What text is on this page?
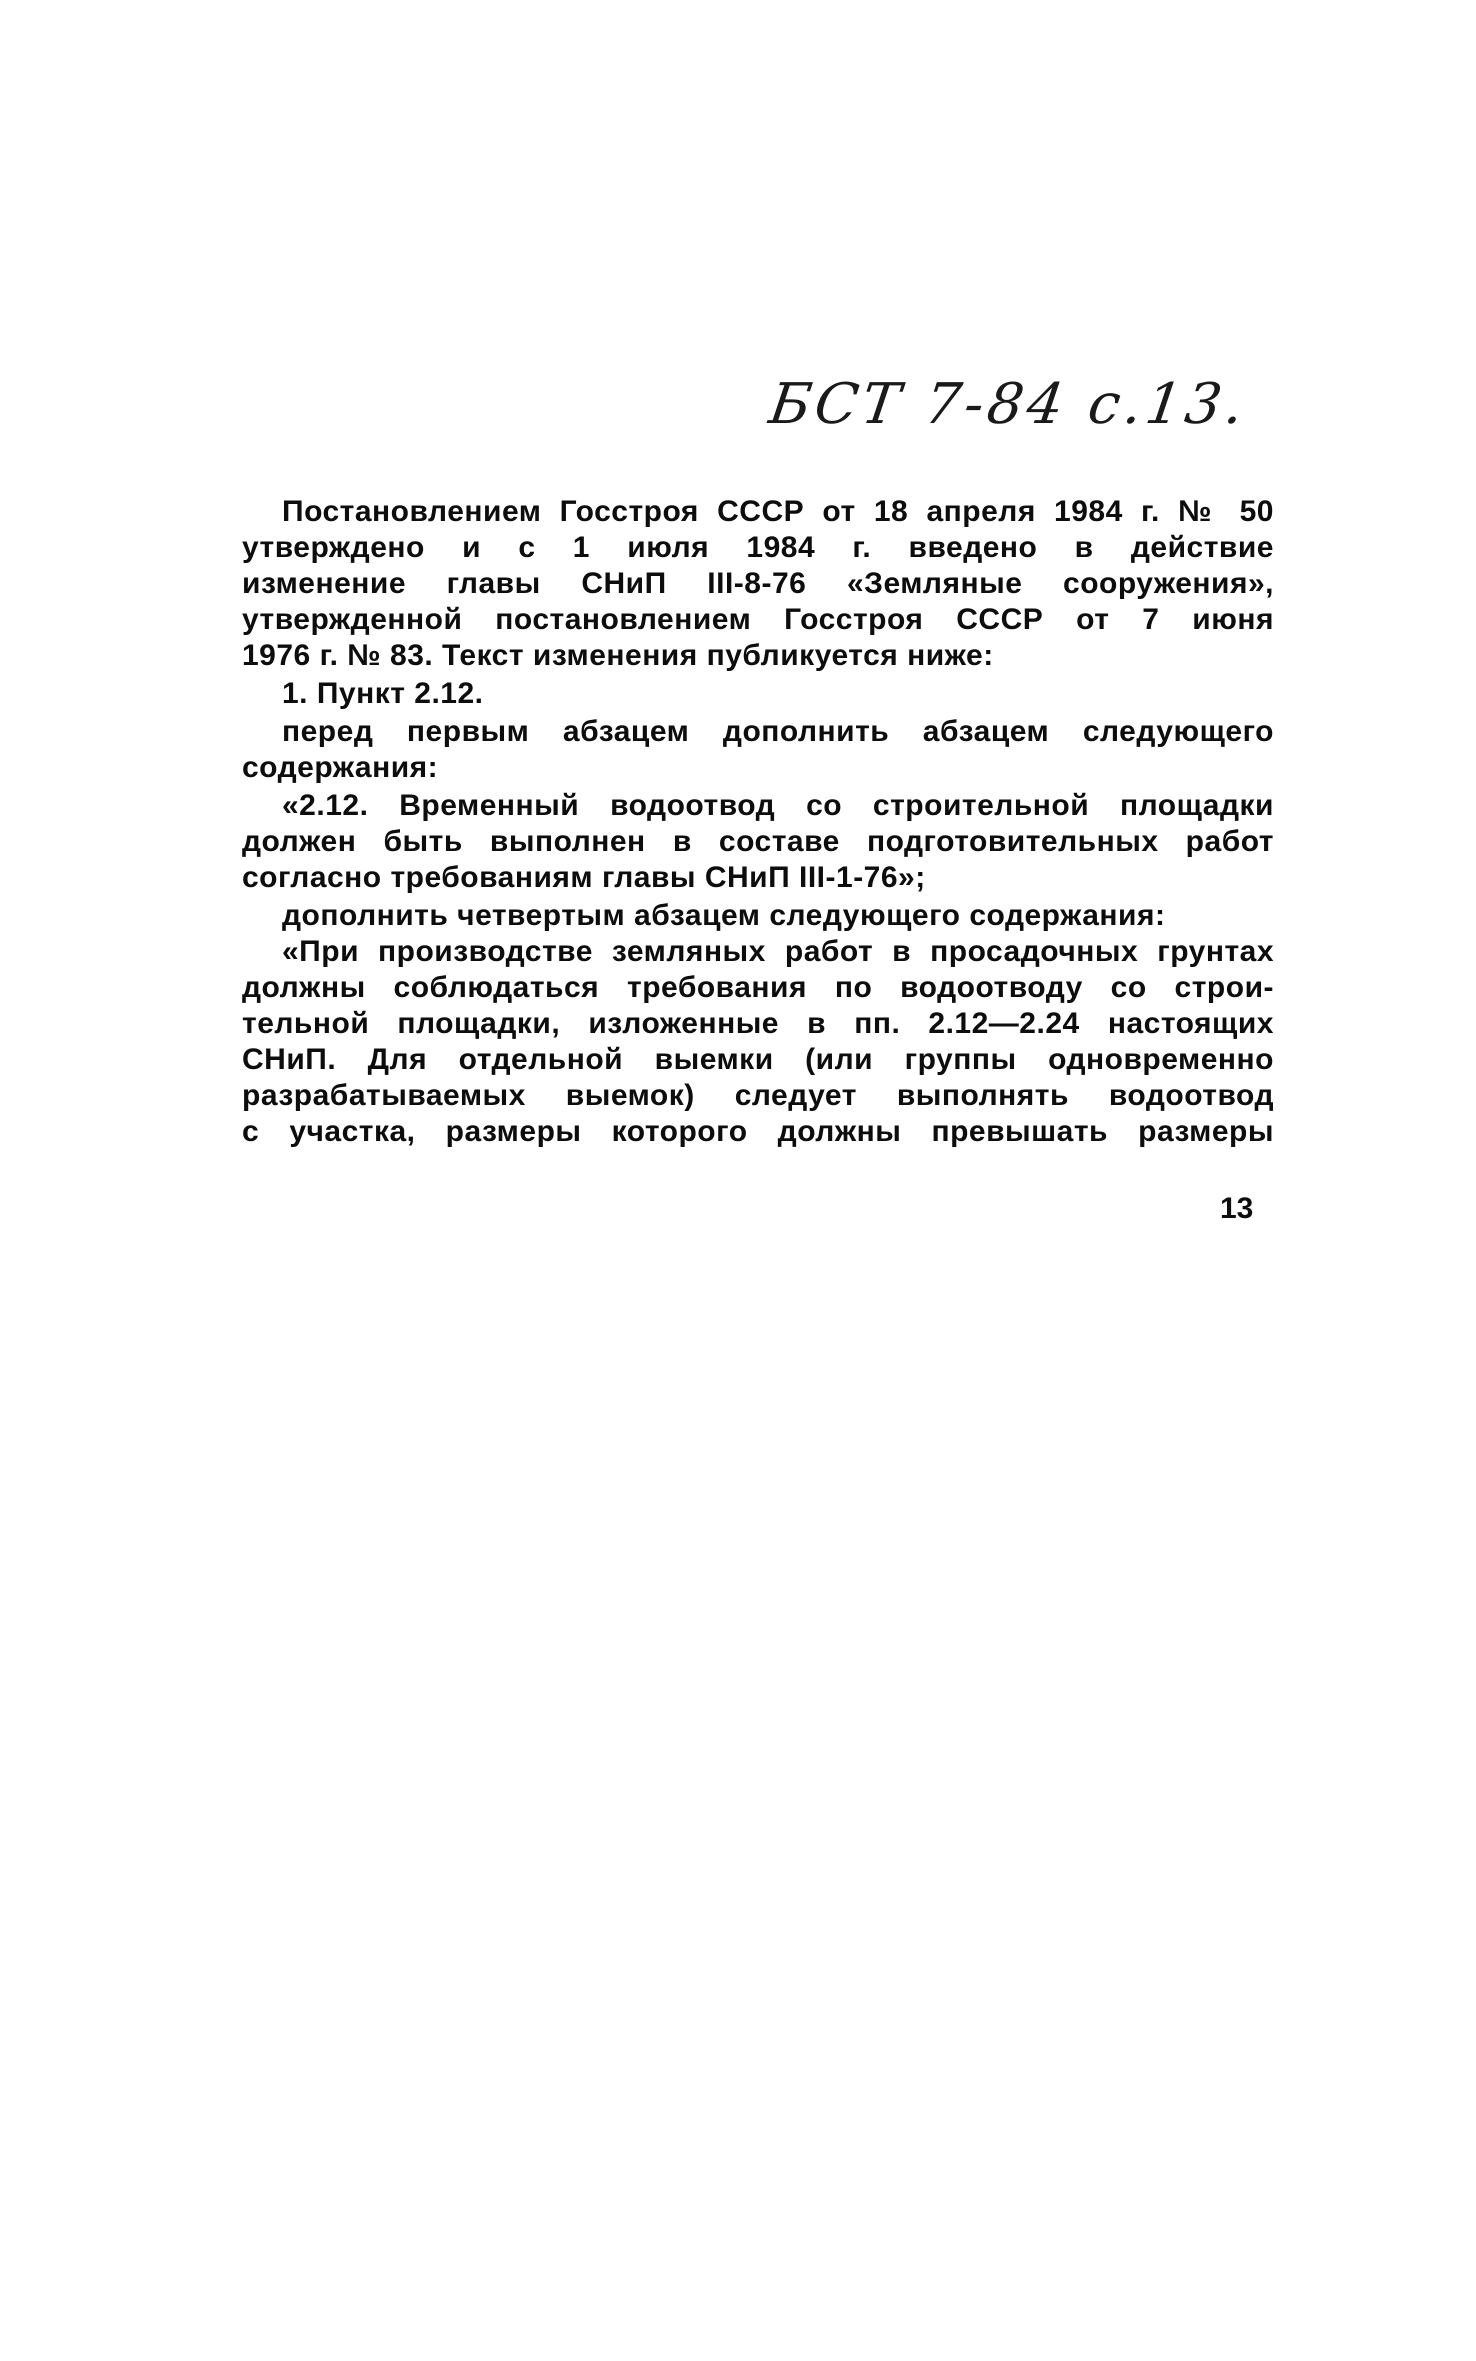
БСТ 7-84 с.13.
Постановлением Госстроя СССР от 18 апреля 1984 г. № 50
утверждено и с 1 июля 1984 г. введено в действие
изменение главы СНиП III-8-76 «Земляные сооружения»,
утвержденной постановлением Госстроя СССР от 7 июня
1976 г. № 83. Текст изменения публикуется ниже:
1. Пункт 2.12.
перед первым абзацем дополнить абзацем следующего
содержания:
«2.12. Временный водоотвод со строительной площадки
должен быть выполнен в составе подготовительных работ
согласно требованиям главы СНиП III-1-76»;
дополнить четвертым абзацем следующего содержания:
«При производстве земляных работ в просадочных грунтах
должны соблюдаться требования по водоотводу со строи-
тельной площадки, изложенные в пп. 2.12—2.24 настоящих
СНиП. Для отдельной выемки (или группы одновременно
разрабатываемых выемок) следует выполнять водоотвод
с участка, размеры которого должны превышать размеры
13
